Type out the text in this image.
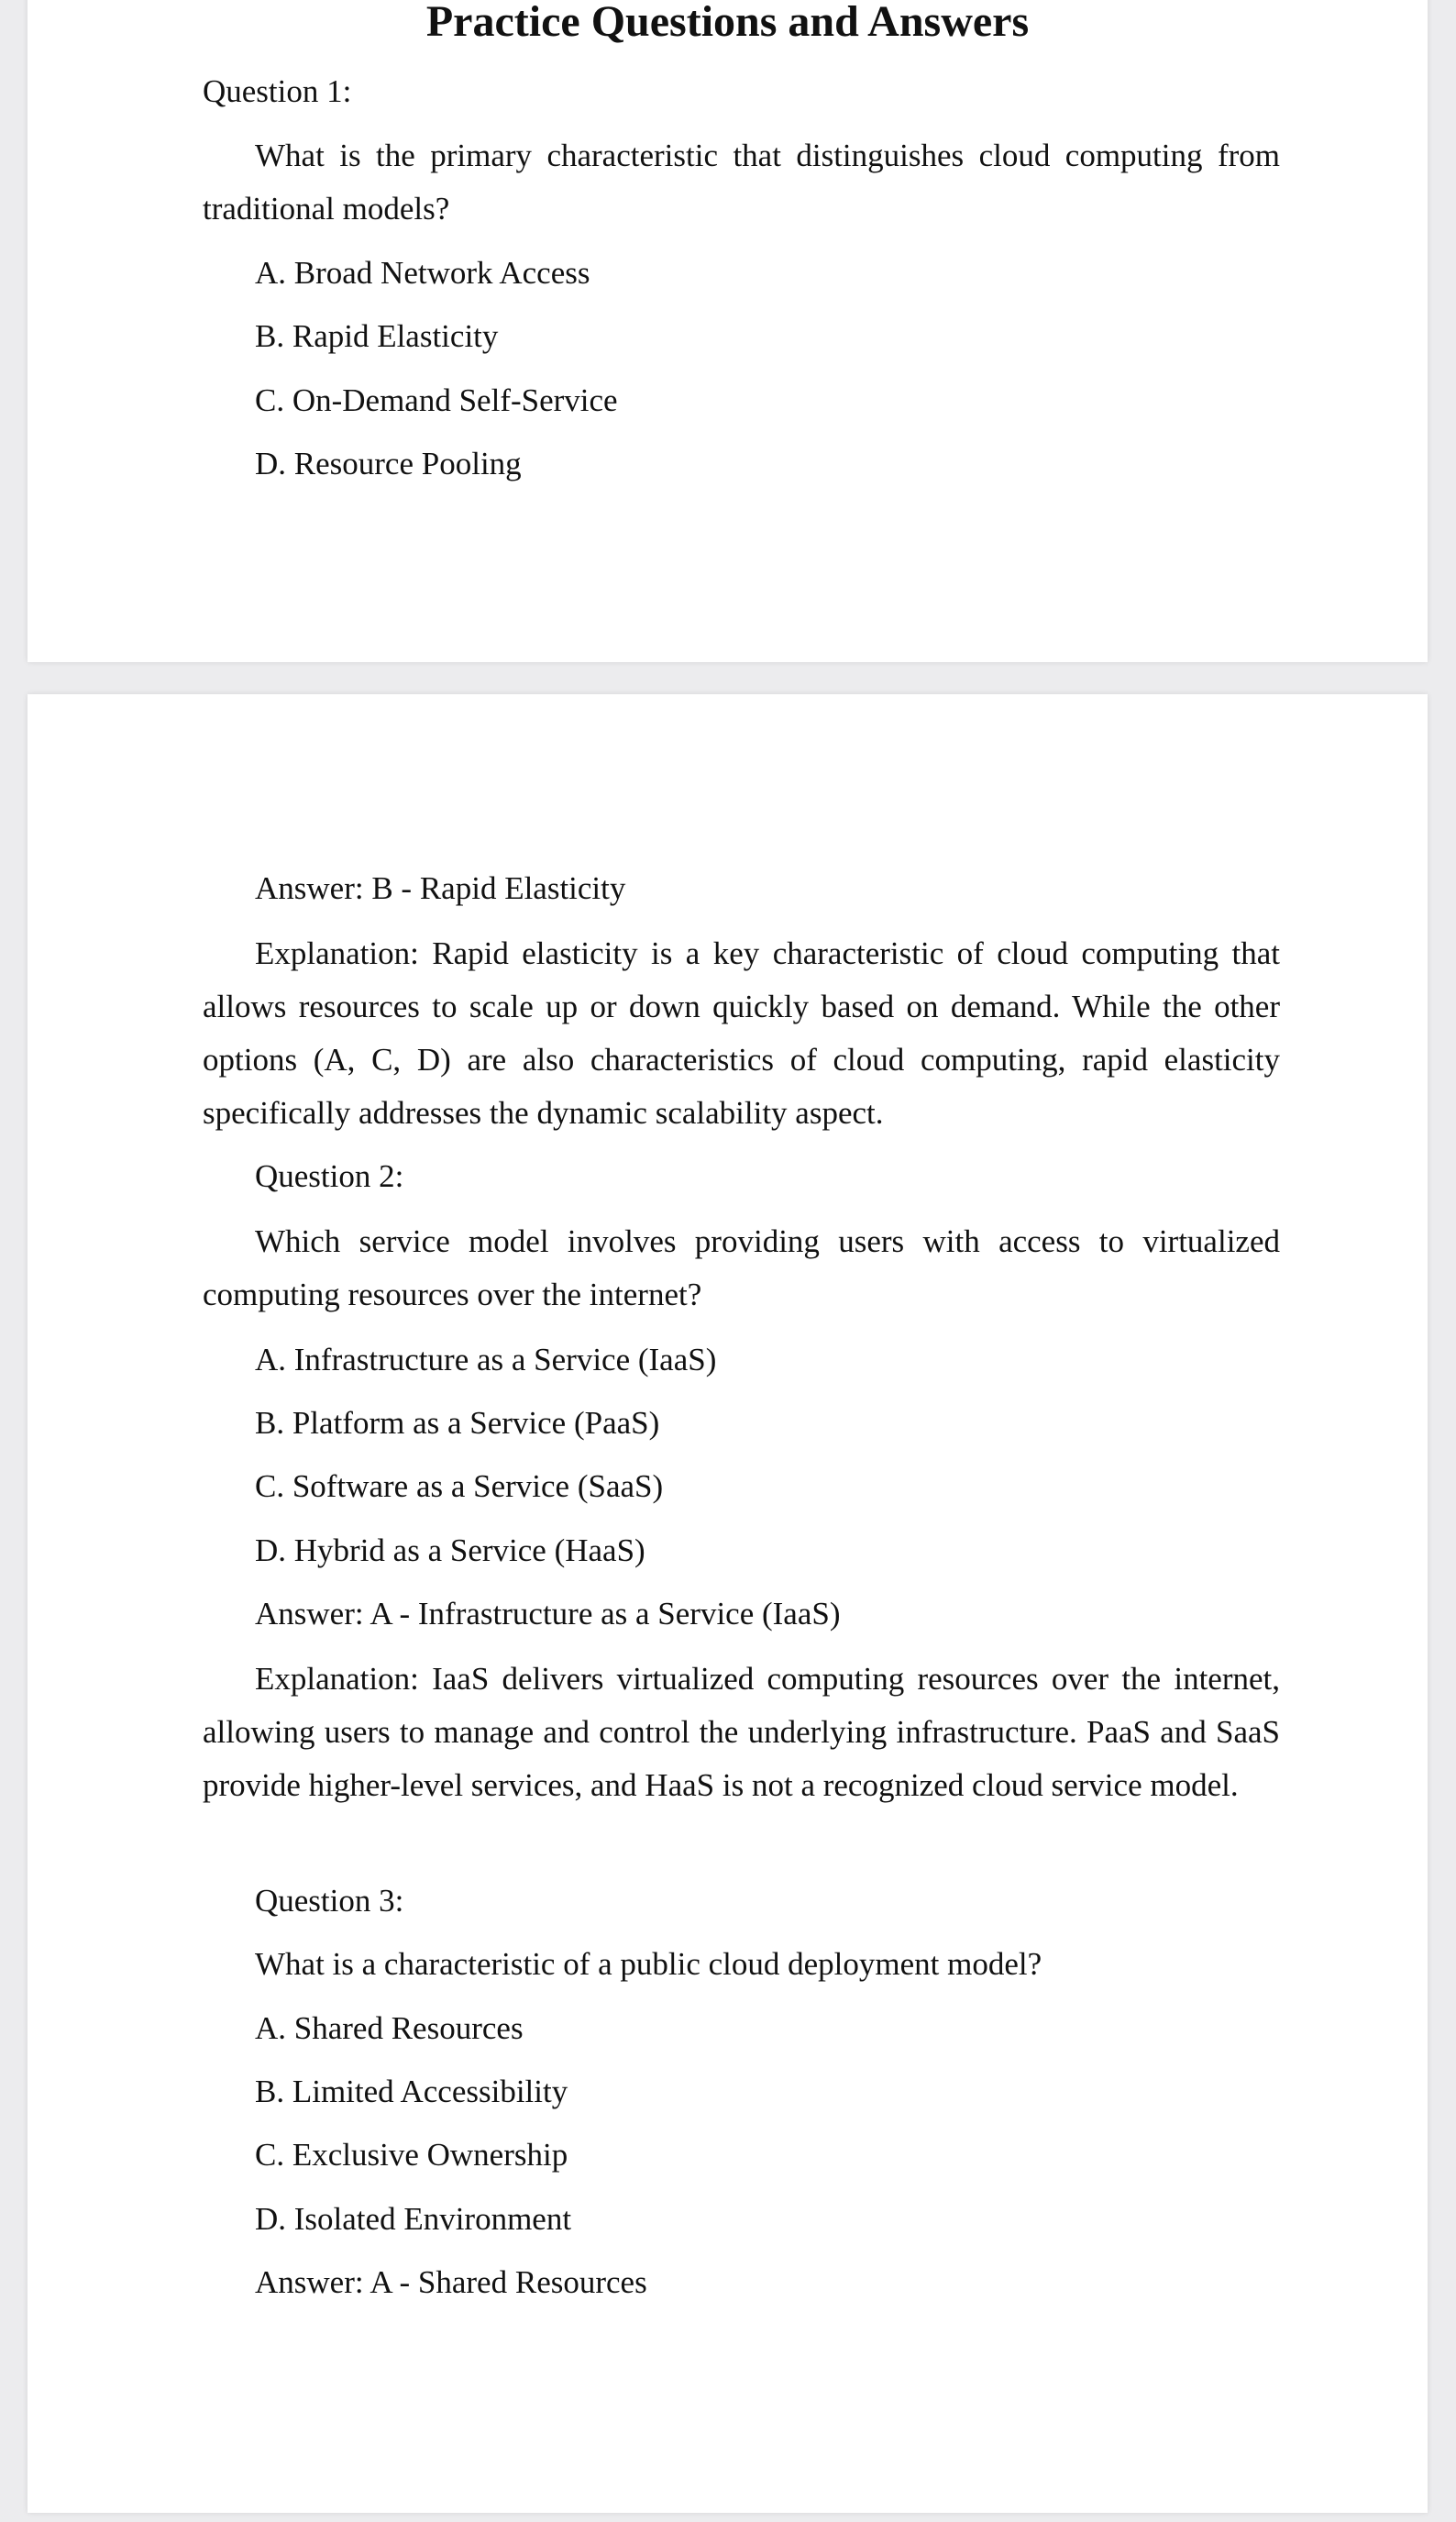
Practice Questions and Answers

Question 1:

What is the primary characteristic that distinguishes cloud computing from traditional models?

A. Broad Network Access

B. Rapid Elasticity

C. On-Demand Self-Service

D. Resource Pooling

Answer: B - Rapid Elasticity

Explanation: Rapid elasticity is a key characteristic of cloud computing that allows resources to scale up or down quickly based on demand. While the other options (A, C, D) are also characteristics of cloud computing, rapid elasticity specifically addresses the dynamic scalability aspect.

Question 2:

Which service model involves providing users with access to virtualized computing resources over the internet?

A. Infrastructure as a Service (IaaS)

B. Platform as a Service (PaaS)

C. Software as a Service (SaaS)

D. Hybrid as a Service (HaaS)

Answer: A - Infrastructure as a Service (IaaS)

Explanation: IaaS delivers virtualized computing resources over the internet, allowing users to manage and control the underlying infrastructure. PaaS and SaaS provide higher-level services, and HaaS is not a recognized cloud service model.

Question 3:

What is a characteristic of a public cloud deployment model?

A. Shared Resources

B. Limited Accessibility

C. Exclusive Ownership

D. Isolated Environment

Answer: A - Shared Resources
